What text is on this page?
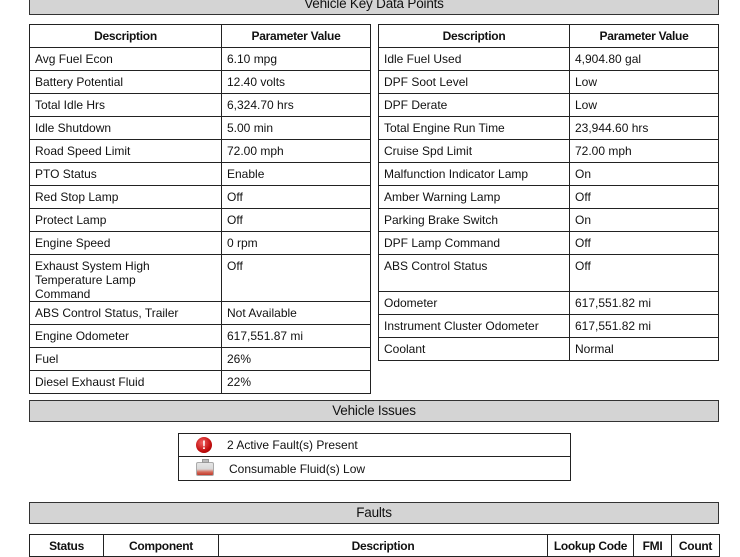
Vehicle Key Data Points
Description	Parameter Value
Avg Fuel Econ	6.10 mpg
Battery Potential	12.40 volts
Total Idle Hrs	6,324.70 hrs
Idle Shutdown	5.00 min
Road Speed Limit	72.00 mph
PTO Status	Enable
Red Stop Lamp	Off
Protect Lamp	Off
Engine Speed	0 rpm
Exhaust System High Temperature Lamp Command	Off
ABS Control Status, Trailer	Not Available
Engine Odometer	617,551.87 mi
Fuel	26%
Diesel Exhaust Fluid	22%
Description	Parameter Value
Idle Fuel Used	4,904.80 gal
DPF Soot Level	Low
DPF Derate	Low
Total Engine Run Time	23,944.60 hrs
Cruise Spd Limit	72.00 mph
Malfunction Indicator Lamp	On
Amber Warning Lamp	Off
Parking Brake Switch	On
DPF Lamp Command	Off
ABS Control Status	Off
Odometer	617,551.82 mi
Instrument Cluster Odometer	617,551.82 mi
Coolant	Normal
Vehicle Issues
!	2 Active Fault(s) Present
Consumable Fluid(s) Low
Faults
Status	Component	Description	Lookup Code	FMI	Count
